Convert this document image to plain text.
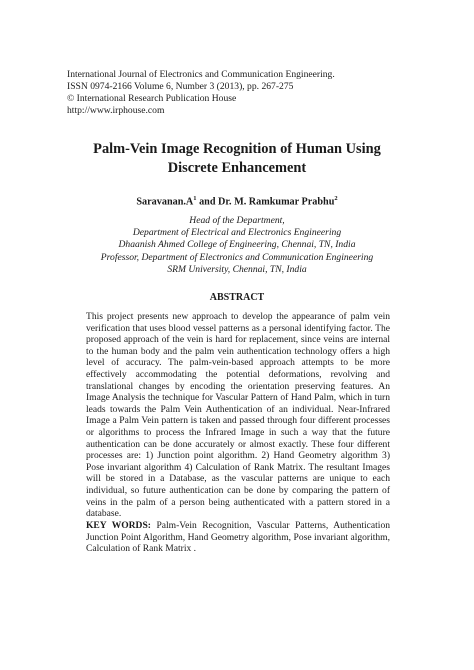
International Journal of Electronics and Communication Engineering.
ISSN 0974-2166 Volume 6, Number 3 (2013), pp. 267-275
© International Research Publication House
http://www.irphouse.com
Palm-Vein Image Recognition of Human Using
Discrete Enhancement
$Saravanan.A^1$ and Dr. M. Ramkumar Prabhu$^2$
Head of the Department,
Department of Electrical and Electronics Engineering
Dhaanish Ahmed College of Engineering, Chennai, TN, India
Professor, Department of Electronics and Communication Engineering
SRM University, Chennai, TN, India
ABSTRACT

This project presents new approach to develop the appearance of palm vein verification that uses blood vessel patterns as a personal identifying factor. The proposed approach of the vein is hard for replacement, since veins are internal to the human body and the palm vein authentication technology offers a high level of accuracy. The palm-vein-based approach attempts to be more effectively accommodating the potential deformations, revolving and translational changes by encoding the orientation preserving features. An Image Analysis the technique for Vascular Pattern of Hand Palm, which in turn leads towards the Palm Vein Authentication of an individual. Near-Infrared Image a Palm Vein pattern is taken and passed through four different processes or algorithms to process the Infrared Image in such a way that the future authentication can be done accurately or almost exactly. These four different processes are: 1) Junction point algorithm. 2) Hand Geometry algorithm 3) Pose invariant algorithm 4) Calculation of Rank Matrix. The resultant Images will be stored in a Database, as the vascular patterns are unique to each individual, so future authentication can be done by comparing the pattern of veins in the palm of a person being authenticated with a pattern stored in a database.

KEY WORDS: Palm-Vein Recognition, Vascular Patterns, Authentication Junction Point Algorithm, Hand Geometry algorithm, Pose invariant algorithm, Calculation of Rank Matrix .
